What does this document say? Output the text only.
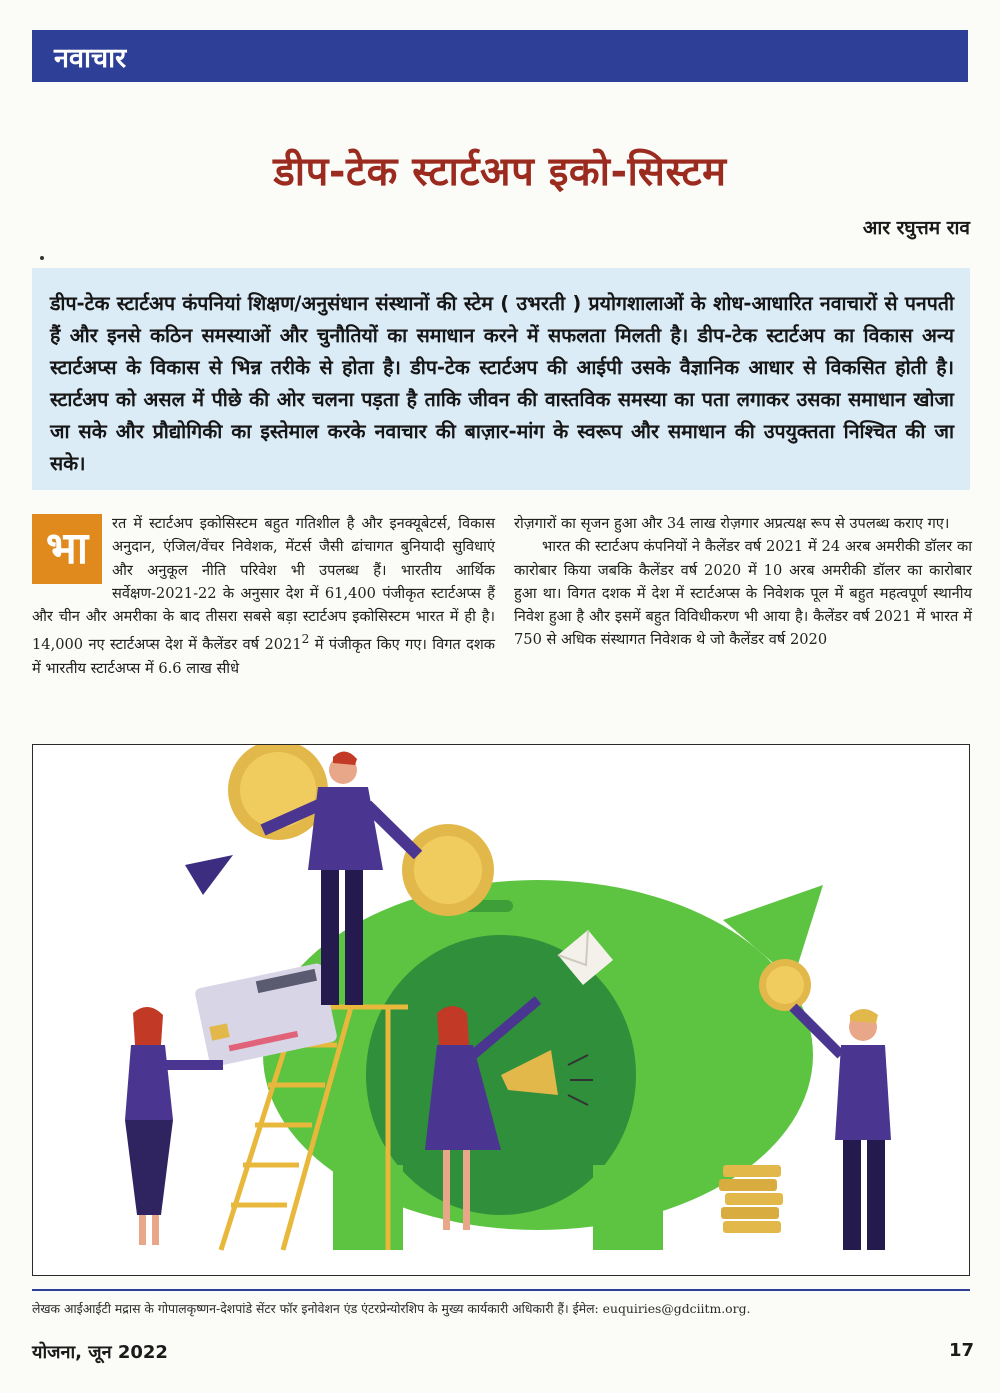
नवाचार
डीप-टेक स्टार्टअप इको-सिस्टम
आर रघुत्तम राव

डीप-टेक स्टार्टअप कंपनियां शिक्षण/अनुसंधान संस्थानों की स्टेम ( उभरती ) प्रयोगशालाओं के शोध-आधारित नवाचारों से पनपती हैं और इनसे कठिन समस्याओं और चुनौतियों का समाधान करने में सफलता मिलती है। डीप-टेक स्टार्टअप का विकास अन्य स्टार्टअप्स के विकास से भिन्न तरीके से होता है। डीप-टेक स्टार्टअप की आईपी उसके वैज्ञानिक आधार से विकसित होती है। स्टार्टअप को असल में पीछे की ओर चलना पड़ता है ताकि जीवन की वास्तविक समस्या का पता लगाकर उसका समाधान खोजा जा सके और प्रौद्योगिकी का इस्तेमाल करके नवाचार की बाज़ार-मांग के स्वरूप और समाधान की उपयुक्तता निश्चित की जा सके।

भा	रत में स्टार्टअप इकोसिस्टम बहुत गतिशील है और इनक्यूबेटर्स, विकास अनुदान, एंजिल/वेंचर निवेशक, मेंटर्स जैसी ढांचागत बुनियादी सुविधाएं और अनुकूल नीति परिवेश भी उपलब्ध हैं। भारतीय आर्थिक सर्वेक्षण-2021-22 के अनुसार देश में 61,400 पंजीकृत स्टार्टअप्स हैं और चीन और अमरीका के बाद तीसरा सबसे बड़ा स्टार्टअप इकोसिस्टम भारत में ही है। 14,000 नए स्टार्टअप्स देश में कैलेंडर वर्ष 2021$^2$ में पंजीकृत किए गए। विगत दशक में भारतीय स्टार्टअप्स में 6.6 लाख सीधे

रोज़गारों का सृजन हुआ और 34 लाख रोज़गार अप्रत्यक्ष रूप से उपलब्ध कराए गए।

भारत की स्टार्टअप कंपनियों ने कैलेंडर वर्ष 2021 में 24 अरब अमरीकी डॉलर का कारोबार किया जबकि कैलेंडर वर्ष 2020 में 10 अरब अमरीकी डॉलर का कारोबार हुआ था। विगत दशक में देश में स्टार्टअप्स के निवेशक पूल में बहुत महत्वपूर्ण स्थानीय निवेश हुआ है और इसमें बहुत विविधीकरण भी आया है। कैलेंडर वर्ष 2021 में भारत में 750 से अधिक संस्थागत निवेशक थे जो कैलेंडर वर्ष 2020

लेखक आईआईटी मद्रास के गोपालकृष्णन-देशपांडे सेंटर फॉर इनोवेशन एंड एंटरप्रेन्योरशिप के मुख्य कार्यकारी अधिकारी हैं। ईमेल: euquiries@gdciitm.org.
योजना, जून 2022	17
